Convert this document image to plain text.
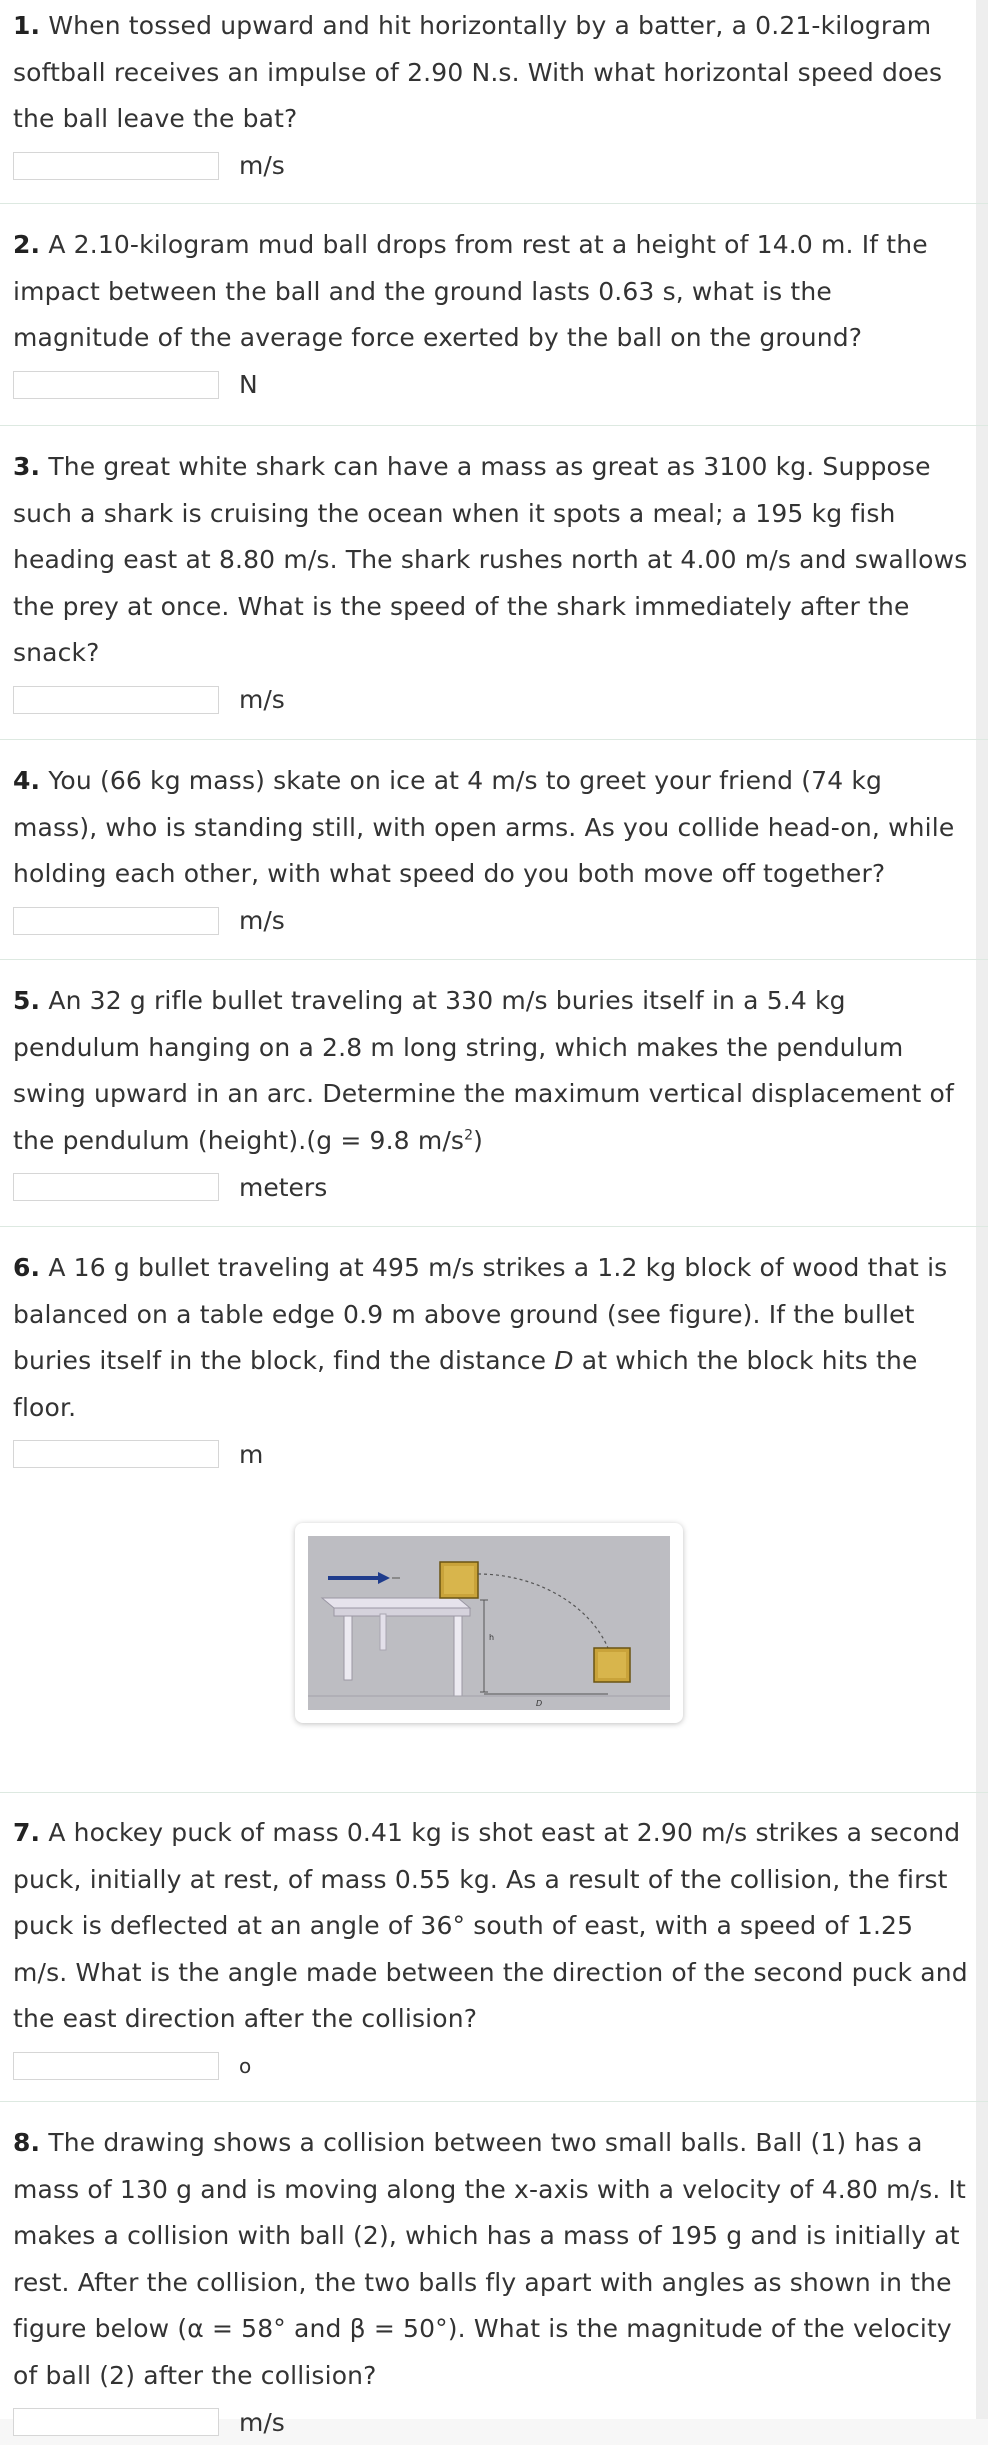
1. When tossed upward and hit horizontally by a batter, a 0.21-kilogram softball receives an impulse of 2.90 N.s. With what horizontal speed does the ball leave the bat?

m/s

2. A 2.10-kilogram mud ball drops from rest at a height of 14.0 m. If the impact between the ball and the ground lasts 0.63 s, what is the magnitude of the average force exerted by the ball on the ground?

N

3. The great white shark can have a mass as great as 3100 kg. Suppose such a shark is cruising the ocean when it spots a meal; a 195 kg fish heading east at 8.80 m/s. The shark rushes north at 4.00 m/s and swallows the prey at once. What is the speed of the shark immediately after the snack?

m/s

4. You (66 kg mass) skate on ice at 4 m/s to greet your friend (74 kg mass), who is standing still, with open arms. As you collide head-on, while holding each other, with what speed do you both move off together?

m/s

5. An 32 g rifle bullet traveling at 330 m/s buries itself in a 5.4 kg pendulum hanging on a 2.8 m long string, which makes the pendulum swing upward in an arc. Determine the maximum vertical displacement of the pendulum (height).(g = 9.8 $m/s^2$)

meters

6. A 16 g bullet traveling at 495 m/s strikes a 1.2 kg block of wood that is balanced on a table edge 0.9 m above ground (see figure). If the bullet buries itself in the block, find the distance D at which the block hits the floor.

m
h
D

7. A hockey puck of mass 0.41 kg is shot east at 2.90 m/s strikes a second puck, initially at rest, of mass 0.55 kg. As a result of the collision, the first puck is deflected at an angle of 36° south of east, with a speed of 1.25 m/s. What is the angle made between the direction of the second puck and the east direction after the collision?

o

8. The drawing shows a collision between two small balls. Ball (1) has a mass of 130 g and is moving along the x-axis with a velocity of 4.80 m/s. It makes a collision with ball (2), which has a mass of 195 g and is initially at rest. After the collision, the two balls fly apart with angles as shown in the figure below (α = 58° and β = 50°). What is the magnitude of the velocity of ball (2) after the collision?

m/s
